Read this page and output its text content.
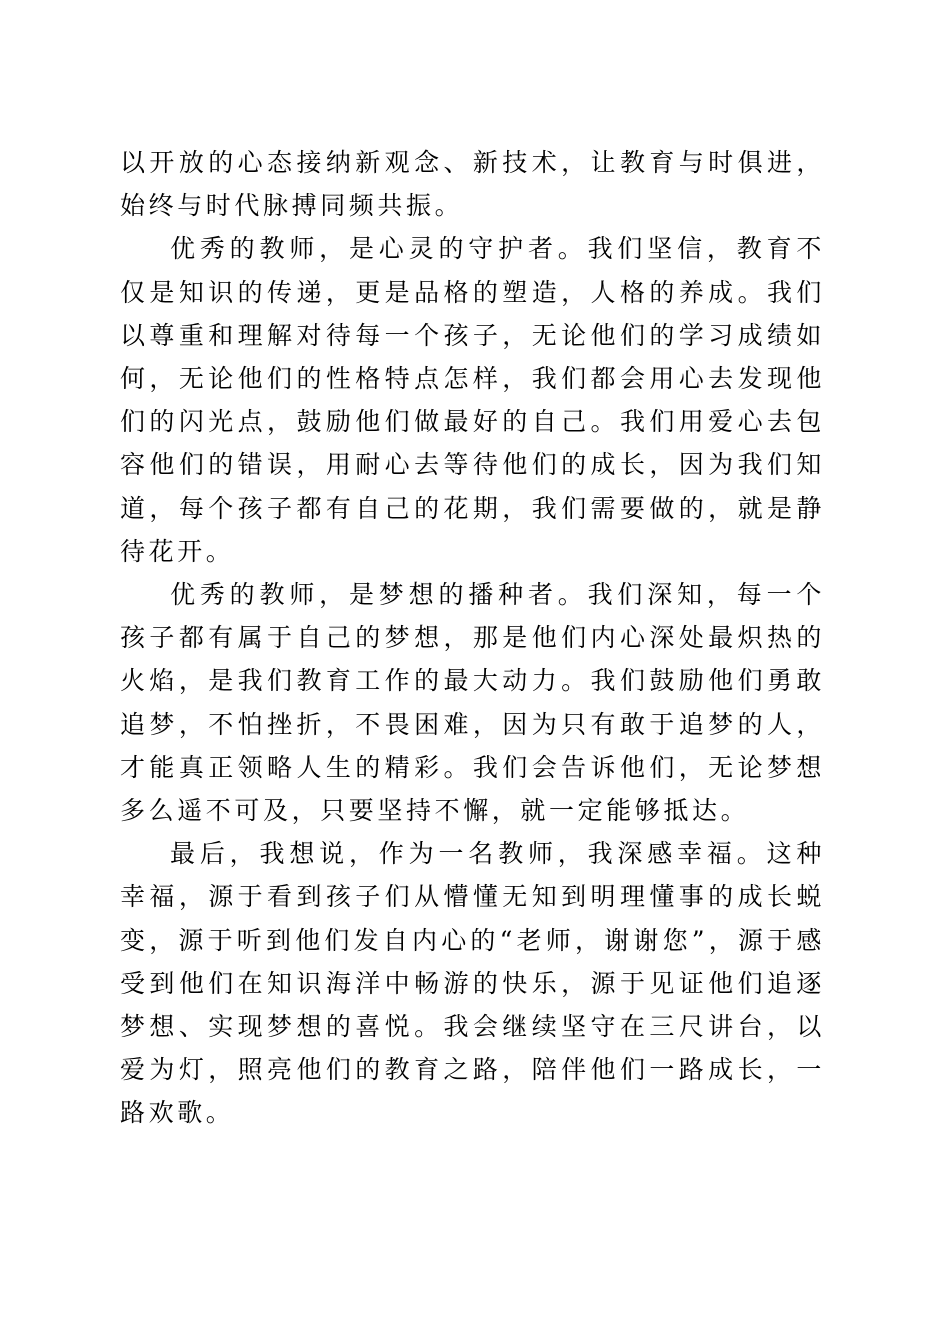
以开放的心态接纳新观念、新技术，让教育与时俱进，始终与时代脉搏同频共振。

优秀的教师，是心灵的守护者。我们坚信，教育不仅是知识的传递，更是品格的塑造，人格的养成。我们以尊重和理解对待每一个孩子，无论他们的学习成绩如何，无论他们的性格特点怎样，我们都会用心去发现他们的闪光点，鼓励他们做最好的自己。我们用爱心去包容他们的错误，用耐心去等待他们的成长，因为我们知道，每个孩子都有自己的花期，我们需要做的，就是静待花开。

优秀的教师，是梦想的播种者。我们深知，每一个孩子都有属于自己的梦想，那是他们内心深处最炽热的火焰，是我们教育工作的最大动力。我们鼓励他们勇敢追梦，不怕挫折，不畏困难，因为只有敢于追梦的人，才能真正领略人生的精彩。我们会告诉他们，无论梦想多么遥不可及，只要坚持不懈，就一定能够抵达。

最后，我想说，作为一名教师，我深感幸福。这种幸福，源于看到孩子们从懵懂无知到明理懂事的成长蜕变，源于听到他们发自内心的“老师，谢谢您”，源于感受到他们在知识海洋中畅游的快乐，源于见证他们追逐梦想、实现梦想的喜悦。我会继续坚守在三尺讲台，以爱为灯，照亮他们的教育之路，陪伴他们一路成长，一路欢歌。
